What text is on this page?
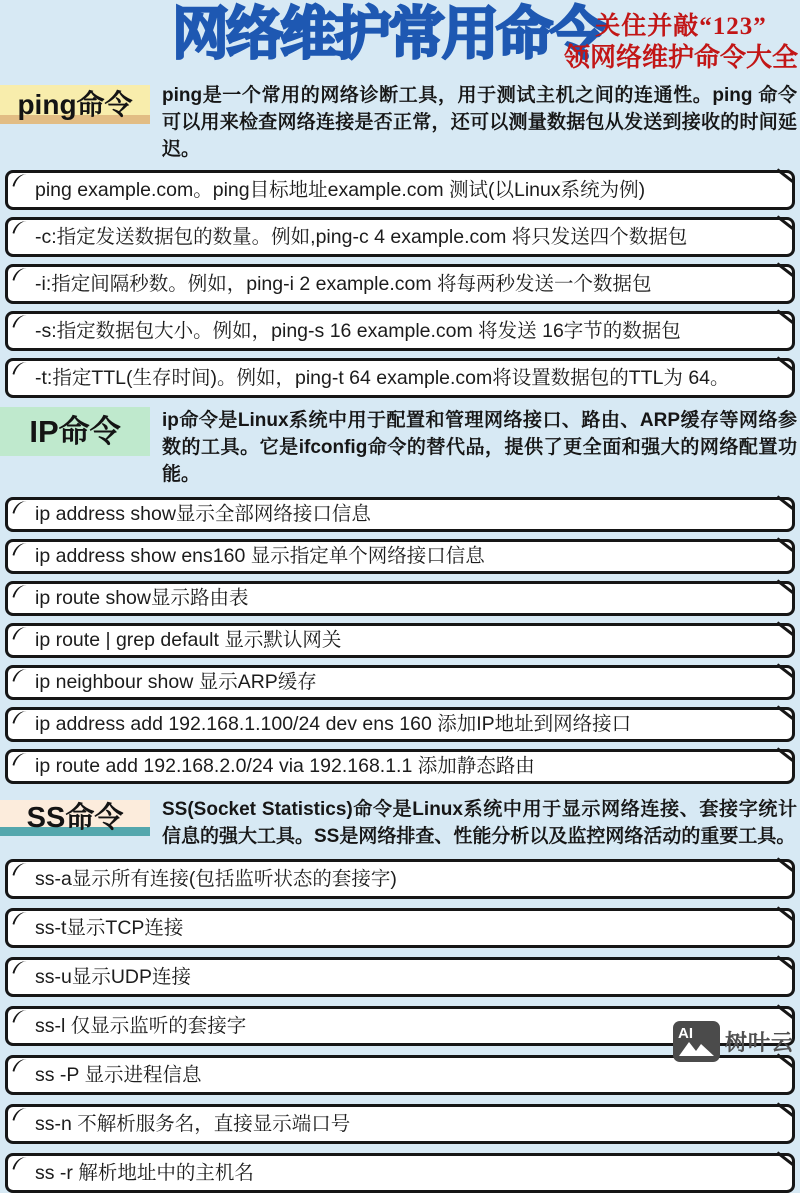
网络维护常用命令
关住并敲“123”
领网络维护命令大全
ping命令	ping是一个常用的网络诊断工具，用于测试主机之间的连通性。ping 命令可以用来检查网络连接是否正常，还可以测量数据包从发送到接收的时间延迟。

ping example.com。ping目标地址example.com 测试(以Linux系统为例)
-c:指定发送数据包的数量。例如,ping-c 4 example.com 将只发送四个数据包
-i:指定间隔秒数。例如，ping-i 2 example.com 将每两秒发送一个数据包
-s:指定数据包大小。例如，ping-s 16 example.com 将发送 16字节的数据包
-t:指定TTL(生存时间)。例如，ping-t 64 example.com将设置数据包的TTL为 64。
IP命令	ip命令是Linux系统中用于配置和管理网络接口、路由、ARP缓存等网络参数的工具。它是ifconfig命令的替代品，提供了更全面和强大的网络配置功能。

ip address show显示全部网络接口信息
ip address show ens160 显示指定单个网络接口信息
ip route show显示路由表
ip route | grep default 显示默认网关
ip neighbour show 显示ARP缓存
ip address add 192.168.1.100/24 dev ens 160 添加IP地址到网络接口
ip route add 192.168.2.0/24 via 192.168.1.1 添加静态路由
SS命令	SS(Socket Statistics)命令是Linux系统中用于显示网络连接、套接字统计信息的强大工具。SS是网络排查、性能分析以及监控网络活动的重要工具。

ss-a显示所有连接(包括监听状态的套接字)
ss-t显示TCP连接
ss-u显示UDP连接
ss-l 仅显示监听的套接字
ss -P 显示进程信息
ss-n 不解析服务名，直接显示端口号
ss -r 解析地址中的主机名
AI 树叶云
